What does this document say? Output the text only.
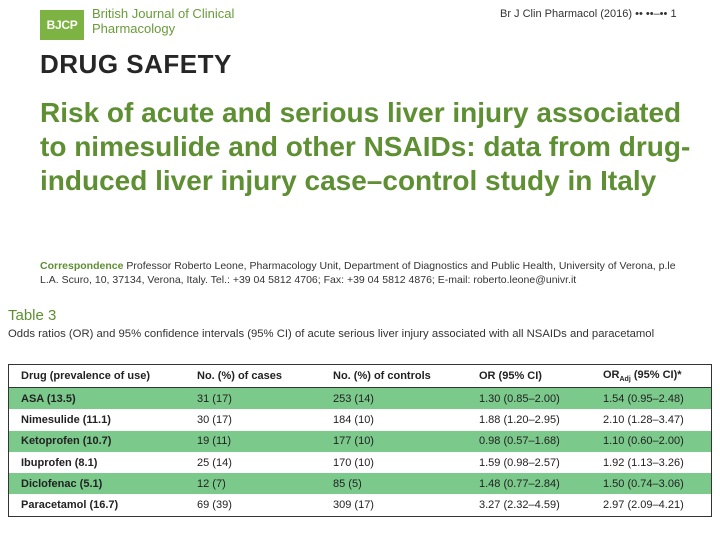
BJCP
British Journal of Clinical Pharmacology
Br J Clin Pharmacol (2016) •• ••–•• 1
DRUG SAFETY
Risk of acute and serious liver injury associated to nimesulide and other NSAIDs: data from drug-induced liver injury case–control study in Italy
Correspondence Professor Roberto Leone, Pharmacology Unit, Department of Diagnostics and Public Health, University of Verona, p.le
L.A. Scuro, 10, 37134, Verona, Italy. Tel.: +39 04 5812 4706; Fax: +39 04 5812 4876; E-mail: roberto.leone@univr.it
Table 3
Odds ratios (OR) and 95% confidence intervals (95% CI) of acute serious liver injury associated with all NSAIDs and paracetamol
Drug (prevalence of use)	No. (%) of cases	No. (%) of controls	OR (95% CI)	$OR_{Adj}$ (95% CI)*
ASA (13.5)	31 (17)	253 (14)	1.30 (0.85–2.00)	1.54 (0.95–2.48)
Nimesulide (11.1)	30 (17)	184 (10)	1.88 (1.20–2.95)	2.10 (1.28–3.47)
Ketoprofen (10.7)	19 (11)	177 (10)	0.98 (0.57–1.68)	1.10 (0.60–2.00)
Ibuprofen (8.1)	25 (14)	170 (10)	1.59 (0.98–2.57)	1.92 (1.13–3.26)
Diclofenac (5.1)	12 (7)	85 (5)	1.48 (0.77–2.84)	1.50 (0.74–3.06)
Paracetamol (16.7)	69 (39)	309 (17)	3.27 (2.32–4.59)	2.97 (2.09–4.21)
